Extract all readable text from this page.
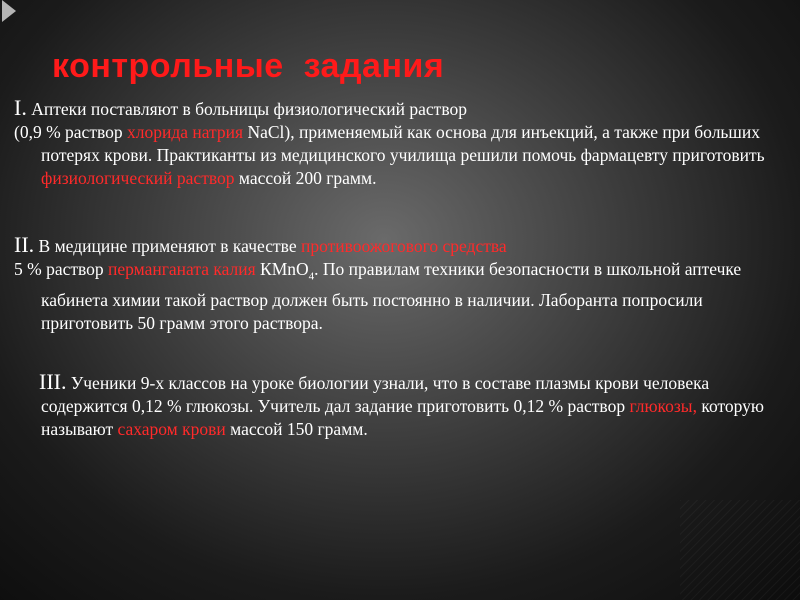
контрольные  задания

I. Аптеки поставляют в больницы физиологический раствор

(0,9 % раствор хлорида натрия NaCl), применяемый как основа для инъекций, а также при больших потерях крови. Практиканты из медицинского училища решили помочь фармацевту приготовить физиологический раствор массой 200 грамм.

II. В медицине применяют в качестве противоожогового средства

5 % раствор перманганата калия КMnO$_4$. По правилам техники безопасности в школьной аптечке кабинета химии такой раствор должен быть постоянно в наличии. Лаборанта попросили приготовить 50 грамм этого раствора.

III. Ученики 9-х классов на уроке биологии узнали, что в составе плазмы крови человека содержится 0,12 % глюкозы. Учитель дал задание приготовить 0,12 % раствор глюкозы, которую называют сахаром крови массой 150 грамм.
